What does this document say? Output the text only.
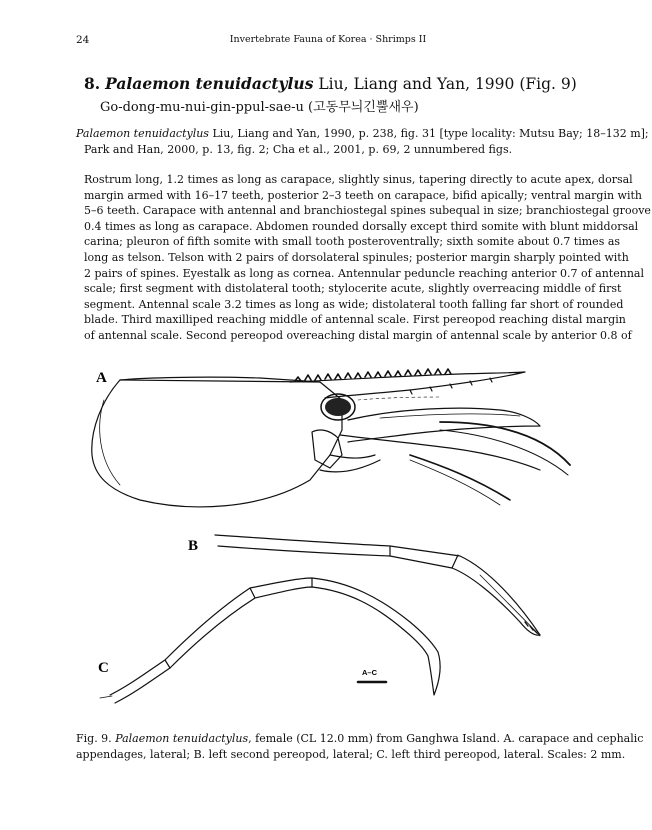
24	Invertebrate Fauna of Korea · Shrimps II
8. Palaemon tenuidactylus Liu, Liang and Yan, 1990 (Fig. 9)
Go-dong-mu-nui-gin-ppul-sae-u (고동무늬긴뿔새우)
Palaemon tenuidactylus Liu, Liang and Yan, 1990, p. 238, fig. 31 [type locality: Mutsu Bay; 18–132 m];
Park and Han, 2000, p. 13, fig. 2; Cha et al., 2001, p. 69, 2 unnumbered figs.
Rostrum long, 1.2 times as long as carapace, slightly sinus, tapering directly to acute apex, dorsal
margin armed with 16–17 teeth, posterior 2–3 teeth on carapace, bifid apically; ventral margin with
5–6 teeth. Carapace with antennal and branchiostegal spines subequal in size; branchiostegal groove
0.4 times as long as carapace. Abdomen rounded dorsally except third somite with blunt middorsal
carina; pleuron of fifth somite with small tooth posteroventrally; sixth somite about 0.7 times as
long as telson. Telson with 2 pairs of dorsolateral spinules; posterior margin sharply pointed with
2 pairs of spines. Eyestalk as long as cornea. Antennular peduncle reaching anterior 0.7 of antennal
scale; first segment with distolateral tooth; stylocerite acute, slightly overreacing middle of first
segment. Antennal scale 3.2 times as long as wide; distolateral tooth falling far short of rounded
blade. Third maxilliped reaching middle of antennal scale. First pereopod reaching distal margin
of antennal scale. Second pereopod overeaching distal margin of antennal scale by anterior 0.8 of
A
B
C	A–C
Fig. 9. Palaemon tenuidactylus, female (CL 12.0 mm) from Ganghwa Island. A. carapace and cephalic
appendages, lateral; B. left second pereopod, lateral; C. left third pereopod, lateral. Scales: 2 mm.
